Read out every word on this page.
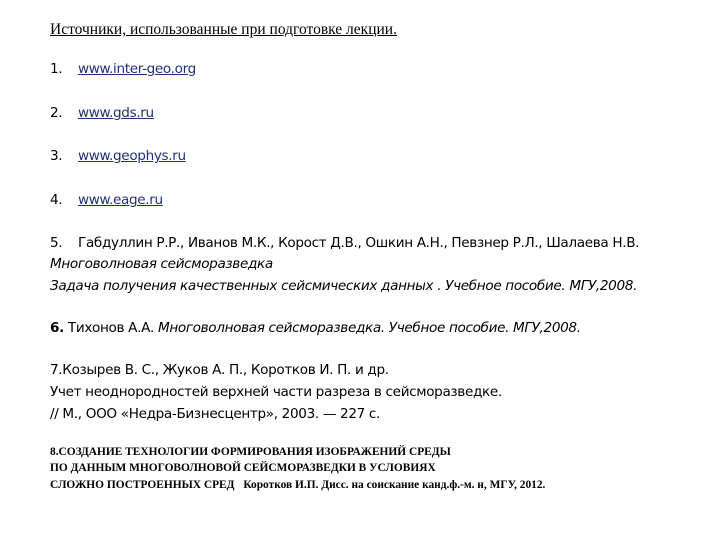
Источники, использованные при подготовке лекции.
1. www.inter-geo.org
2. www.gds.ru
3. www.geophys.ru
4. www.eage.ru
5. Габдуллин Р.Р., Иванов М.К., Корост Д.В., Ошкин А.Н., Певзнер Р.Л., Шалаева Н.В.
Многоволновая сейсморазведка
Задача получения качественных сейсмических данных . Учебное пособие. МГУ,2008.
6. Тихонов А.А. Многоволновая сейсморазведка. Учебное пособие. МГУ,2008.
7.Козырев В. С., Жуков А. П., Коротков И. П. и др.
Учет неоднородностей верхней части разреза в сейсморазведке.
// М., ООО «Недра-Бизнесцентр», 2003. — 227 с.
8.СОЗДАНИЕ ТЕХНОЛОГИИ ФОРМИРОВАНИЯ ИЗОБРАЖЕНИЙ СРЕДЫ
ПО ДАННЫМ МНОГОВОЛНОВОЙ СЕЙСМОРАЗВЕДКИ В УСЛОВИЯХ
СЛОЖНО ПОСТРОЕННЫХ СРЕД Коротков И.П. Дисс. на соискание канд.ф.-м. н, МГУ, 2012.
